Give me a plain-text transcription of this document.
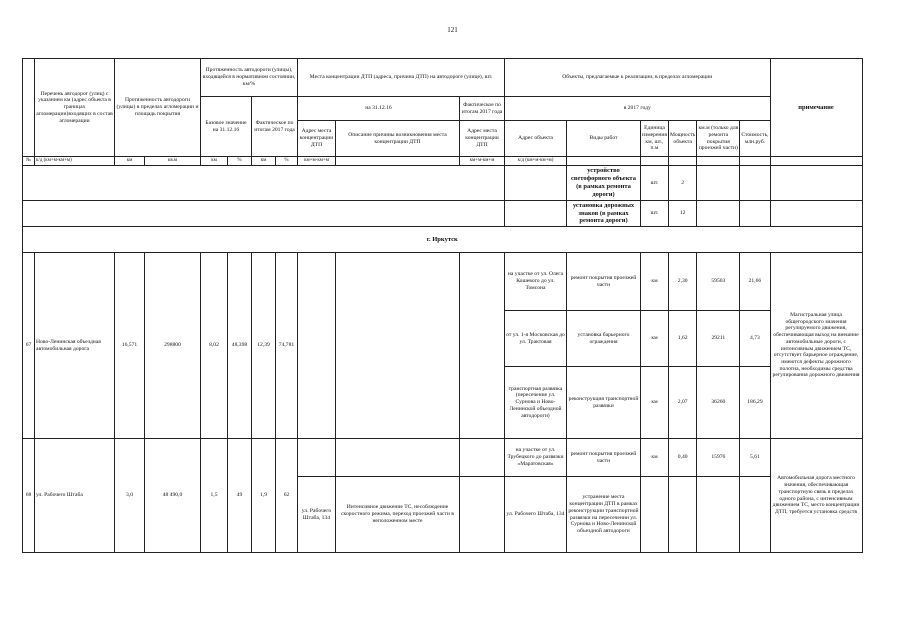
121
	Перечень автодорог (улиц) с указанием км (адрес объекта в границах агломерации)входящих в состав агломерации	Протяженность автодороги (улицы) в пределах агломерации и площадь покрытия		Протяженность автодороги (улицы), входящейся в нормативном состоянии, км/%				Места концентрации ДТП (адреса, причина ДТП) на автодороге (улице), шт.			Объекты, предлагаемые к реализации, в пределах агломерации						примечание
				Базовое значение на 31.12.16		Фактическое по итогам 2017 года		на 31.12.16		Фактическое по итогам 2017 года	в 2017 году						
								Адрес места концентрации ДТП	Описание причины возникновения места концентрации ДТП	Адрес места концентрации ДТП	Адрес объекта	Виды работ	Единица измерения км, шт., п.м	Мощность объекта	км.м (только для ремонта покрытия проезжей части)	Стоимость, млн.руб.	
№	к/д (км+м-км+м)	км	кв.м	км	%	км	%	км+м-км+м		км+м-км+м	к/д (км+м-км+м)						
												устройство светофорного объекта (в рамках ремонта дороги)	шт.	2			
												установка дорожных знаков (в рамках ремонта дороги)	шт.	12			
г. Иркутск																	
67	Ново-Ленинская объездная автомобильная дорога	16,571	298800	8,02	48,398	12,39	74,781				на участке от ул. Олега Кошевого до ул. Томсона	ремонт покрытия проезжей части	км	2,30	59503	21,66	Магистральная улица общегородского значения регулируемого движения, обеспечивающая выход на внешние автомобильные дороги, с интенсивным движением ТС, отсутствует барьерное ограждение, имеются дефекты дорожного полотна, необходимы средства регулирования дорожного движения
											от ул. 1-я Московская до ул. Трактовая	установка барьерного ограждения	км	1,62	29211	4,73	
											транспортная развязка (пересечение ул. Сурнова и Ново-Ленинской объездной автодороги)	реконструкция транспортной развязки	км	2,07	36260	186,29	
68	ул. Рабочего Штаба	3,0	48 490,0	1,5	49	1,9	62				на участке от ул. Трубецкого до развязки «Маратовская»	ремонт покрытия проезжей части	км	0,40	15976	5,61	Автомобильная дорога местного значения, обеспечивающая транспортную связь в пределах одного района, с интенсивным движением ТС, место концентрации ДТП, требуется установка средств
								ул. Рабочего Штаба, 134	Интенсивное движение ТС, несоблюдение скоростного режима, переход проезжей части в неположенном месте		ул. Рабочего Штаба, 134	устранение места концентрации ДТП в рамках реконструкции транспортной развязки на пересечении ул. Сурнова и Ново-Ленинской объездной автодороги					
